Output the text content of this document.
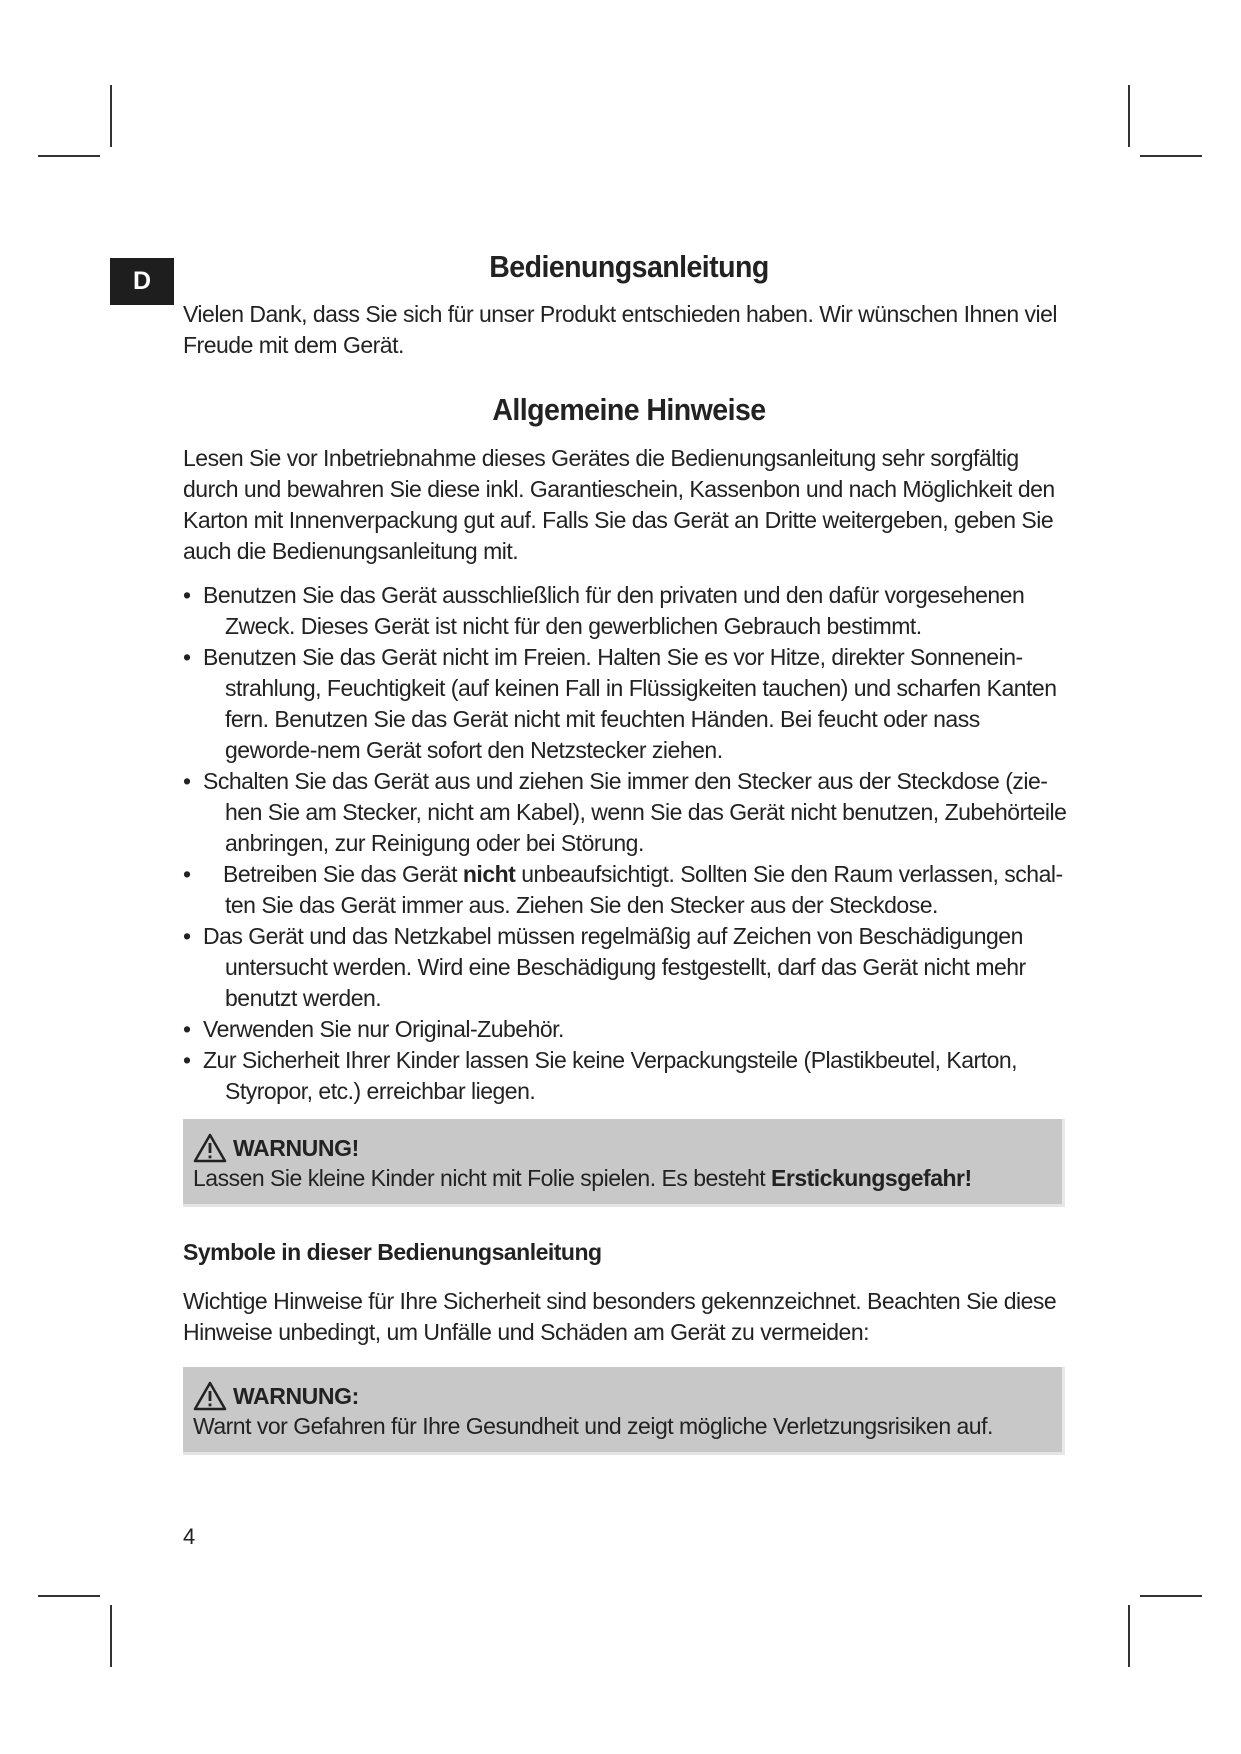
D	Bedienungsanleitung

Vielen Dank, dass Sie sich für unser Produkt entschieden haben. Wir wünschen Ihnen viel Freude mit dem Gerät.

Allgemeine Hinweise

Lesen Sie vor Inbetriebnahme dieses Gerätes die Bedienungsanleitung sehr sorgfältig durch und bewahren Sie diese inkl. Garantieschein, Kassenbon und nach Möglichkeit den Karton mit Innenverpackung gut auf. Falls Sie das Gerät an Dritte weitergeben, geben Sie auch die Bedienungsanleitung mit.

• Benutzen Sie das Gerät ausschließlich für den privaten und den dafür vorgesehenen
Zweck. Dieses Gerät ist nicht für den gewerblichen Gebrauch bestimmt.
• Benutzen Sie das Gerät nicht im Freien. Halten Sie es vor Hitze, direkter Sonnenein-
strahlung, Feuchtigkeit (auf keinen Fall in Flüssigkeiten tauchen) und scharfen Kanten fern. Benutzen Sie das Gerät nicht mit feuchten Händen. Bei feucht oder nass geworde-nem Gerät sofort den Netzstecker ziehen.
• Schalten Sie das Gerät aus und ziehen Sie immer den Stecker aus der Steckdose (zie-
hen Sie am Stecker, nicht am Kabel), wenn Sie das Gerät nicht benutzen, Zubehörteile anbringen, zur Reinigung oder bei Störung.
• Betreiben Sie das Gerät nicht unbeaufsichtigt. Sollten Sie den Raum verlassen, schal-
ten Sie das Gerät immer aus. Ziehen Sie den Stecker aus der Steckdose.
• Das Gerät und das Netzkabel müssen regelmäßig auf Zeichen von Beschädigungen
untersucht werden. Wird eine Beschädigung festgestellt, darf das Gerät nicht mehr benutzt werden.
• Verwenden Sie nur Original-Zubehör.
• Zur Sicherheit Ihrer Kinder lassen Sie keine Verpackungsteile (Plastikbeutel, Karton,
Styropor, etc.) erreichbar liegen.
WARNUNG!
Lassen Sie kleine Kinder nicht mit Folie spielen. Es besteht Erstickungsgefahr!
Symbole in dieser Bedienungsanleitung

Wichtige Hinweise für Ihre Sicherheit sind besonders gekennzeichnet. Beachten Sie diese Hinweise unbedingt, um Unfälle und Schäden am Gerät zu vermeiden:

WARNUNG:
Warnt vor Gefahren für Ihre Gesundheit und zeigt mögliche Verletzungsrisiken auf.
4
